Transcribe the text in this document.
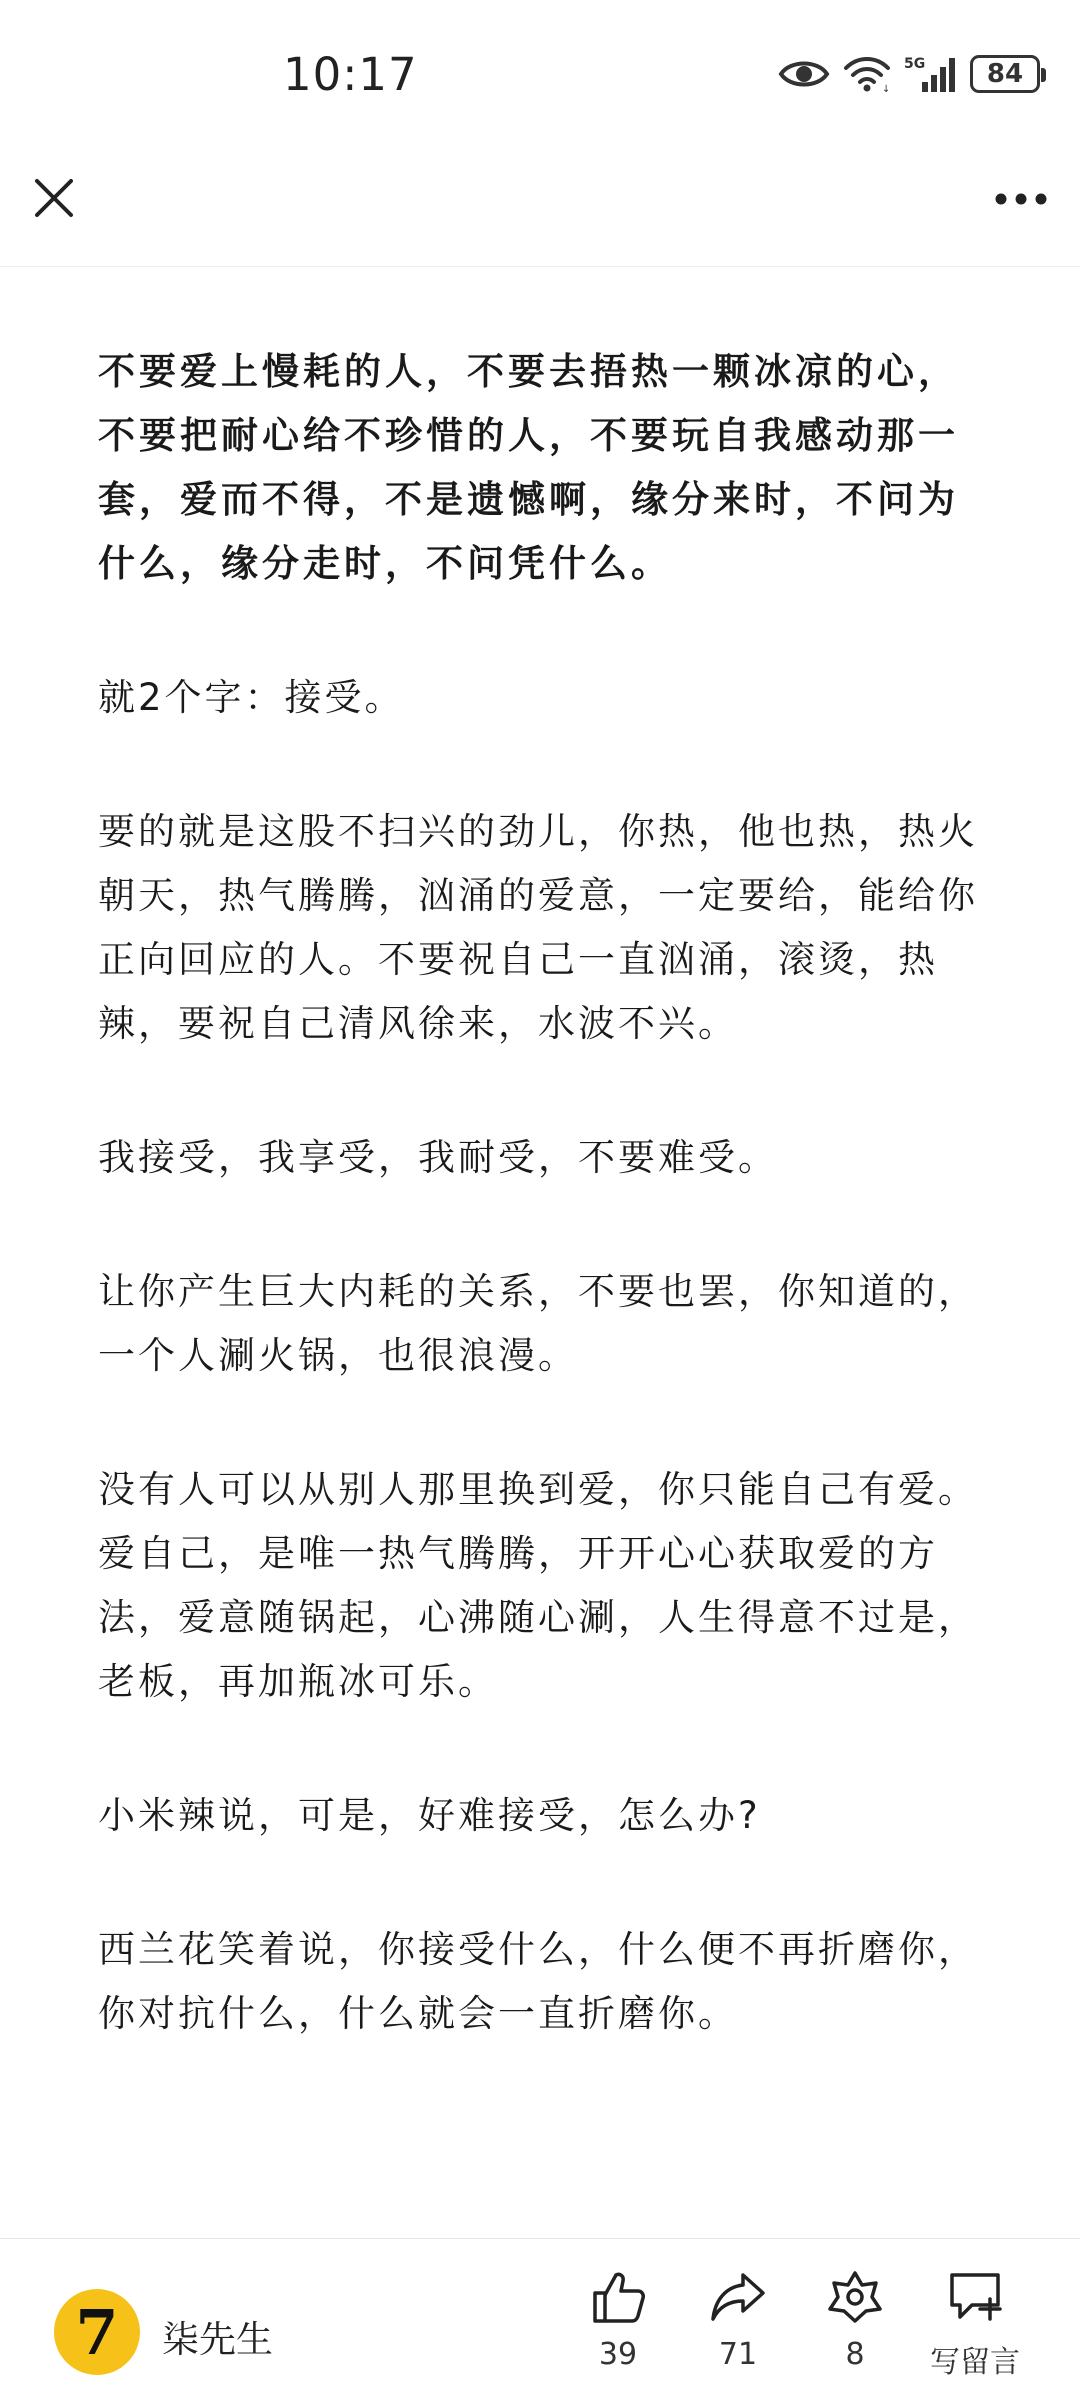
10:17	↓
5G 84

不要爱上慢耗的人，不要去捂热一颗冰凉的心，不要把耐心给不珍惜的人，不要玩自我感动那一套，爱而不得，不是遗憾啊，缘分来时，不问为什么，缘分走时，不问凭什么。

就2个字：接受。

要的就是这股不扫兴的劲儿，你热，他也热，热火朝天，热气腾腾，汹涌的爱意，一定要给，能给你正向回应的人。不要祝自己一直汹涌，滚烫，热辣，要祝自己清风徐来，水波不兴。

我接受，我享受，我耐受，不要难受。

让你产生巨大内耗的关系，不要也罢，你知道的，一个人涮火锅，也很浪漫。

没有人可以从别人那里换到爱，你只能自己有爱。爱自己，是唯一热气腾腾，开开心心获取爱的方法，爱意随锅起，心沸随心涮，人生得意不过是，老板，再加瓶冰可乐。

小米辣说，可是，好难接受，怎么办?

西兰花笑着说，你接受什么，什么便不再折磨你，你对抗什么，什么就会一直折磨你。

7 柒先生	39	71	8 写留言
